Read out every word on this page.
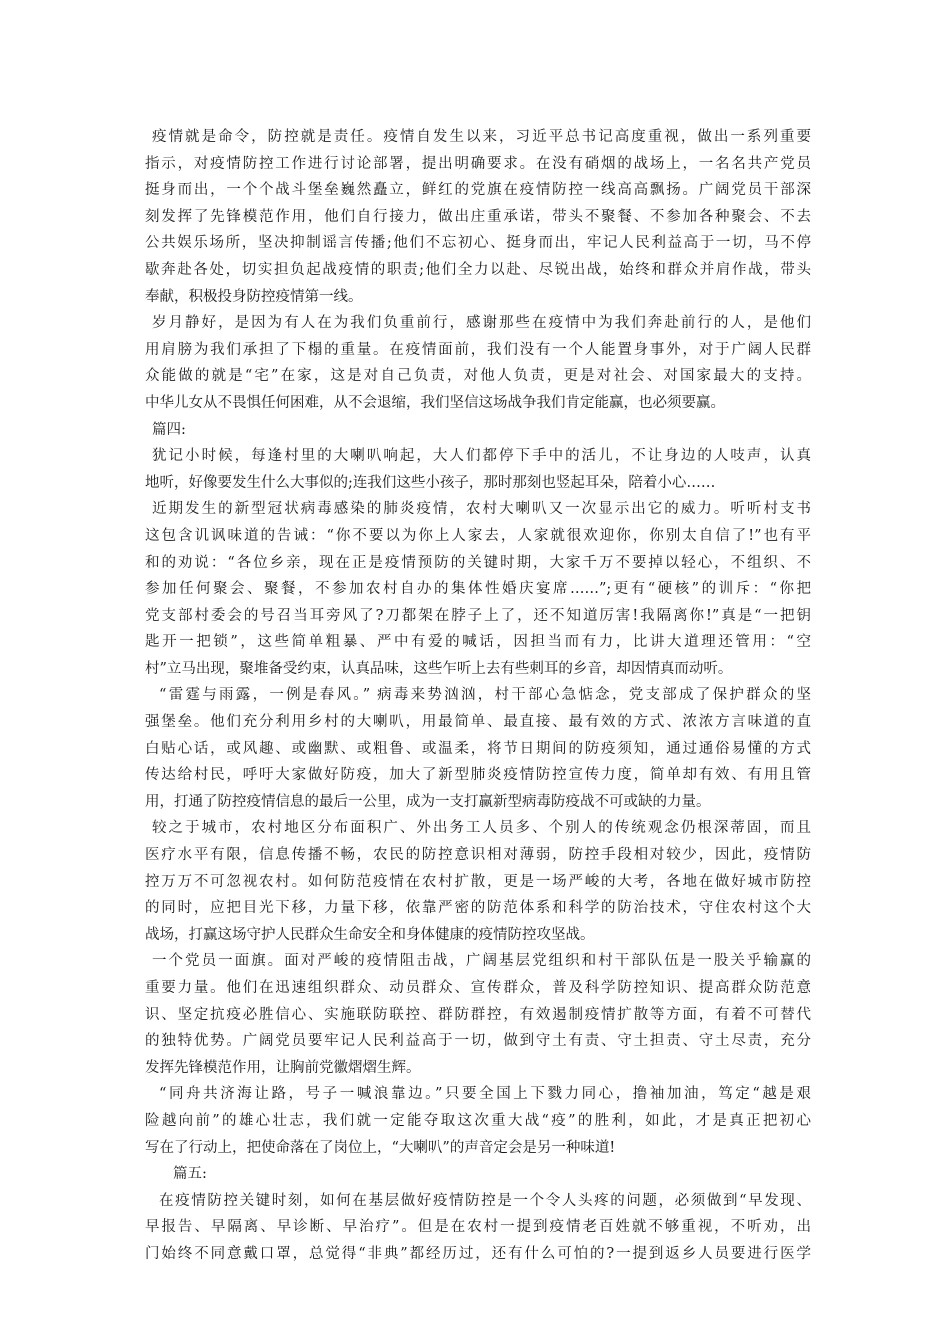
疫情就是命令，防控就是责任。疫情自发生以来，习近平总书记高度重视，做出一系列重要
指示，对疫情防控工作进行讨论部署，提出明确要求。在没有硝烟的战场上，一名名共产党员
挺身而出，一个个战斗堡垒巍然矗立，鲜红的党旗在疫情防控一线高高飘扬。广阔党员干部深
刻发挥了先锋模范作用，他们自行接力，做出庄重承诺，带头不聚餐、不参加各种聚会、不去
公共娱乐场所，坚决抑制谣言传播;他们不忘初心、挺身而出，牢记人民利益高于一切，马不停
歇奔赴各处，切实担负起战疫情的职责;他们全力以赴、尽锐出战，始终和群众并肩作战，带头
奉献，积极投身防控疫情第一线。
岁月静好，是因为有人在为我们负重前行，感谢那些在疫情中为我们奔赴前行的人，是他们
用肩膀为我们承担了下榻的重量。在疫情面前，我们没有一个人能置身事外，对于广阔人民群
众能做的就是“宅”在家，这是对自己负责，对他人负责，更是对社会、对国家最大的支持。
中华儿女从不畏惧任何困难，从不会退缩，我们坚信这场战争我们肯定能赢，也必须要赢。
篇四:
犹记小时候，每逢村里的大喇叭响起，大人们都停下手中的活儿，不让身边的人吱声，认真
地听，好像要发生什么大事似的;连我们这些小孩子，那时那刻也竖起耳朵，陪着小心……
近期发生的新型冠状病毒感染的肺炎疫情，农村大喇叭又一次显示出它的威力。听听村支书
这包含讥讽味道的告诫：“你不要以为你上人家去，人家就很欢迎你，你别太自信了!”也有平
和的劝说：“各位乡亲，现在正是疫情预防的关键时期，大家千万不要掉以轻心，不组织、不
参加任何聚会、聚餐，不参加农村自办的集体性婚庆宴席……”;更有“硬核”的训斥：“你把
党支部村委会的号召当耳旁风了?刀都架在脖子上了，还不知道厉害!我隔离你!”真是“一把钥
匙开一把锁”，这些简单粗暴、严中有爱的喊话，因担当而有力，比讲大道理还管用：“空
村”立马出现，聚堆备受约束，认真品味，这些乍听上去有些刺耳的乡音，却因情真而动听。
“雷霆与雨露，一例是春风。” 病毒来势汹汹，村干部心急惦念，党支部成了保护群众的坚
强堡垒。他们充分利用乡村的大喇叭，用最简单、最直接、最有效的方式、浓浓方言味道的直
白贴心话，或风趣、或幽默、或粗鲁、或温柔，将节日期间的防疫须知，通过通俗易懂的方式
传达给村民，呼吁大家做好防疫，加大了新型肺炎疫情防控宣传力度，简单却有效、有用且管
用，打通了防控疫情信息的最后一公里，成为一支打赢新型病毒防疫战不可或缺的力量。
较之于城市，农村地区分布面积广、外出务工人员多、个别人的传统观念仍根深蒂固，而且
医疗水平有限，信息传播不畅，农民的防控意识相对薄弱，防控手段相对较少，因此，疫情防
控万万不可忽视农村。如何防范疫情在农村扩散，更是一场严峻的大考，各地在做好城市防控
的同时，应把目光下移，力量下移，依靠严密的防范体系和科学的防治技术，守住农村这个大
战场，打赢这场守护人民群众生命安全和身体健康的疫情防控攻坚战。
一个党员一面旗。面对严峻的疫情阻击战，广阔基层党组织和村干部队伍是一股关乎输赢的
重要力量。他们在迅速组织群众、动员群众、宣传群众，普及科学防控知识、提高群众防范意
识、坚定抗疫必胜信心、实施联防联控、群防群控，有效遏制疫情扩散等方面，有着不可替代
的独特优势。广阔党员要牢记人民利益高于一切，做到守土有责、守土担责、守土尽责，充分
发挥先锋模范作用，让胸前党徽熠熠生辉。
“同舟共济海让路，号子一喊浪靠边。”只要全国上下戮力同心，撸袖加油，笃定“越是艰
险越向前”的雄心壮志，我们就一定能夺取这次重大战“疫”的胜利，如此，才是真正把初心
写在了行动上，把使命落在了岗位上，“大喇叭”的声音定会是另一种味道!
篇五:
在疫情防控关键时刻，如何在基层做好疫情防控是一个令人头疼的问题，必须做到“早发现、
早报告、早隔离、早诊断、早治疗”。但是在农村一提到疫情老百姓就不够重视，不听劝，出
门始终不同意戴口罩，总觉得“非典”都经历过，还有什么可怕的?一提到返乡人员要进行医学
